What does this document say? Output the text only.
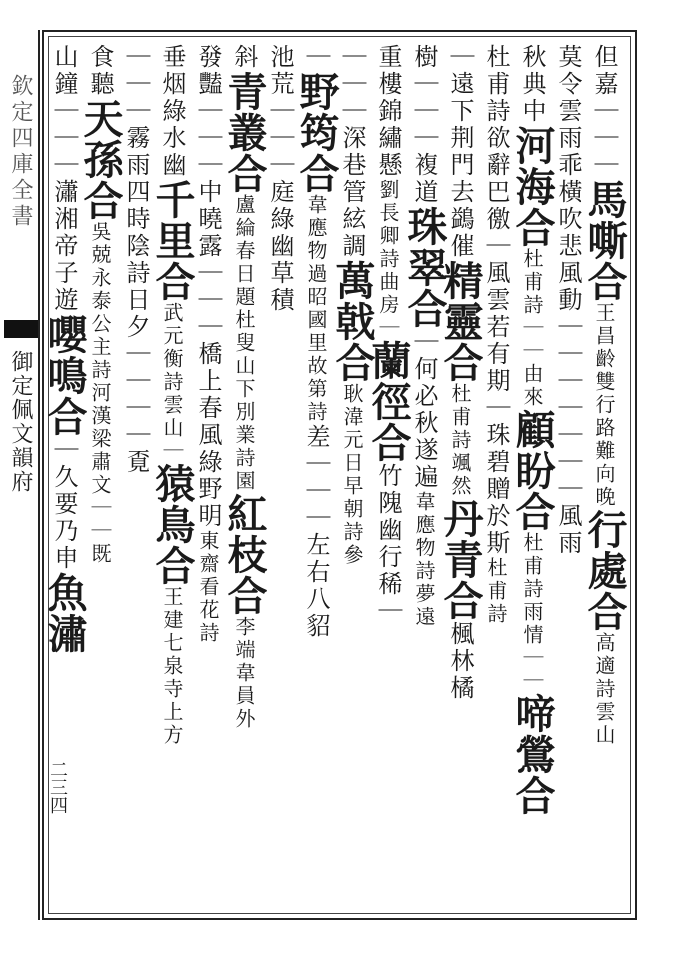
欽定四庫全書
御定佩文韻府
二三四
但嘉｜｜｜馬嘶合王昌齡雙行路難向晚行處合高適詩雲山
莫令雲雨乖橫吹悲風動｜｜｜｜｜｜｜風雨
秋典中河海合杜甫詩｜｜由來顧盼合杜甫詩雨情｜｜啼鶯合
杜甫詩欲辭巴徼｜風雲若有期｜珠碧贈於斯杜甫詩
｜遠下荆門去鷁催精靈合杜甫詩颯然丹青合楓林橘
樹｜｜｜複道珠翠合｜何必秋遂遍韋應物詩夢遠
重樓錦繡懸劉長卿詩曲房｜蘭徑合竹隗幽行稀｜
｜｜｜深巷管絃調萬戟合耿湋元日早朝詩參
｜野筠合韋應物過昭國里故第詩差｜｜｜左右八貂
池荒｜｜｜庭綠幽草積
斜青叢合盧綸春日題杜叟山下別業詩園紅枝合李端韋員外
發豔｜｜｜中曉露｜｜｜橋上春風綠野明東齋看花詩
垂烟綠水幽千里合武元衡詩雲山｜猿鳥合王建七泉寺上方
｜｜｜霧雨四時陰詩日夕｜｜｜｜覔
食聽天孫合吳兢永泰公主詩河漢梁肅文｜｜既
山鐘｜｜｜瀟湘帝子遊嚶鳴合｜久要乃申魚潚
